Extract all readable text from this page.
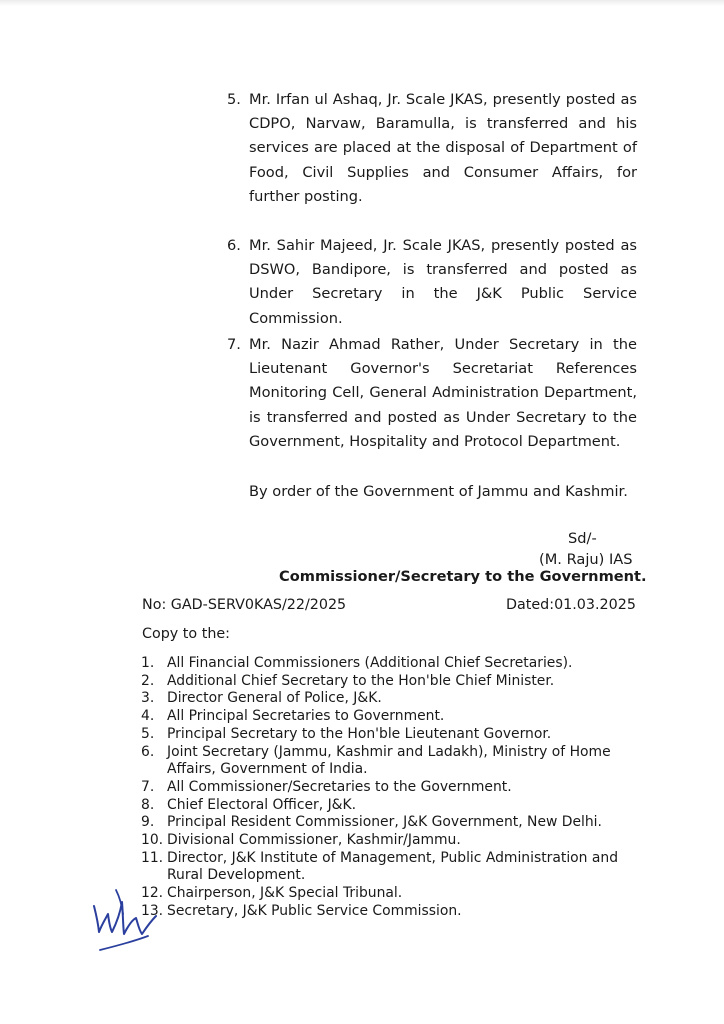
5. Mr. Irfan ul Ashaq, Jr. Scale JKAS, presently posted as CDPO, Narvaw, Baramulla, is transferred and his services are placed at the disposal of Department of Food, Civil Supplies and Consumer Affairs, for further posting.
6. Mr. Sahir Majeed, Jr. Scale JKAS, presently posted as DSWO, Bandipore, is transferred and posted as Under Secretary in the J&K Public Service Commission.
7. Mr. Nazir Ahmad Rather, Under Secretary in the Lieutenant Governor's Secretariat References Monitoring Cell, General Administration Department, is transferred and posted as Under Secretary to the Government, Hospitality and Protocol Department.
By order of the Government of Jammu and Kashmir.
Sd/-
(M. Raju) IAS
Commissioner/Secretary to the Government.
No: GAD-SERV0KAS/22/2025	Dated:01.03.2025
Copy to the:
1. All Financial Commissioners (Additional Chief Secretaries).
2. Additional Chief Secretary to the Hon'ble Chief Minister.
3. Director General of Police, J&K.
4. All Principal Secretaries to Government.
5. Principal Secretary to the Hon'ble Lieutenant Governor.
6. Joint Secretary (Jammu, Kashmir and Ladakh), Ministry of Home Affairs, Government of India.
7. All Commissioner/Secretaries to the Government.
8. Chief Electoral Officer, J&K.
9. Principal Resident Commissioner, J&K Government, New Delhi.
10. Divisional Commissioner, Kashmir/Jammu.
11. Director, J&K Institute of Management, Public Administration and Rural Development.
12. Chairperson, J&K Special Tribunal.
13. Secretary, J&K Public Service Commission.
